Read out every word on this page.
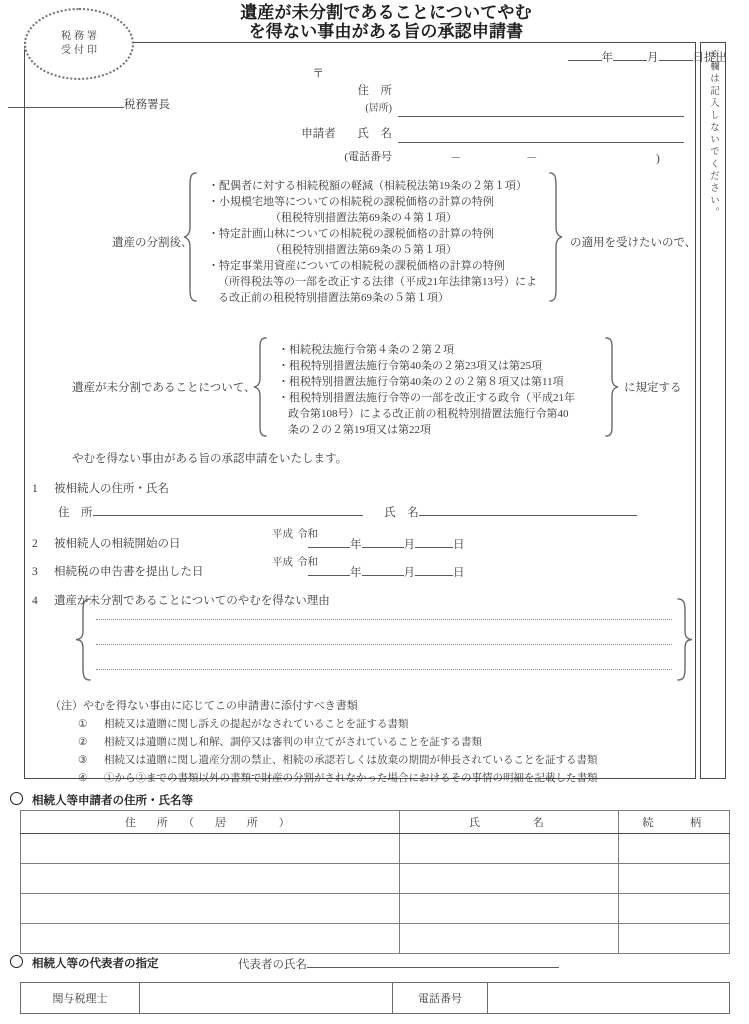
遺産が未分割であることについてやむ
を得ない事由がある旨の承認申請書
※欄は記入しないでください。
税務署
受付印
年	月	日提出
税務署長
〒
住　所
(居所)
申請者 氏　名
(電話番号	－	－	)
遺産の分割後、
・配偶者に対する相続税額の軽減（相続税法第19条の２第１項）
・小規模宅地等についての相続税の課税価格の計算の特例
（租税特別措置法第69条の４第１項）
・特定計画山林についての相続税の課税価格の計算の特例
（租税特別措置法第69条の５第１項）
・特定事業用資産についての相続税の課税価格の計算の特例
（所得税法等の一部を改正する法律（平成21年法律第13号）によ
る改正前の租税特別措置法第69条の５第１項）
の適用を受けたいので、
遺産が未分割であることについて、
・相続税法施行令第４条の２第２項
・租税特別措置法施行令第40条の２第23項又は第25項
・租税特別措置法施行令第40条の２の２第８項又は第11項
・租税特別措置法施行令等の一部を改正する政令（平成21年
政令第108号）による改正前の租税特別措置法施行令第40
条の２の２第19項又は第22項
に規定する
やむを得ない事由がある旨の承認申請をいたします。
1 被相続人の住所・氏名
住　所	氏　名
2 被相続人の相続開始の日
平成 令和
年	月	日
3 相続税の申告書を提出した日
平成 令和
年	月	日
4 遺産が未分割であることについてのやむを得ない理由
（注）やむを得ない事由に応じてこの申請書に添付すべき書類
① 相続又は遺贈に関し訴えの提起がなされていることを証する書類
② 相続又は遺贈に関し和解、調停又は審判の申立てがされていることを証する書類
③ 相続又は遺贈に関し遺産分割の禁止、相続の承認若しくは放棄の期間が伸長されていることを証する書類
④ ①から③までの書類以外の書類で財産の分割がされなかった場合におけるその事情の明細を記載した書類
相続人等申請者の住所・氏名等
住　所　（　居　所　）	氏　　　名	続　　柄

相続人等の代表者の指定	代表者の氏名
関与税理士		電話番号	
